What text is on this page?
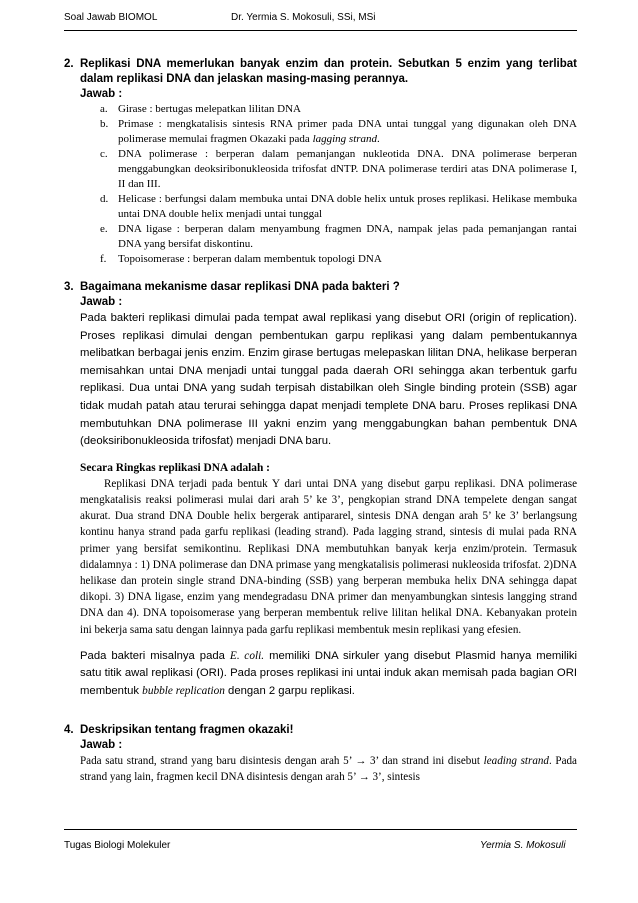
Soal Jawab BIOMOL	Dr. Yermia S. Mokosuli, SSi, MSi
2. Replikasi DNA memerlukan banyak enzim dan protein. Sebutkan 5 enzim yang terlibat dalam replikasi DNA dan jelaskan masing-masing perannya.
Jawab :
a. Girase : bertugas melepatkan lilitan DNA
b. Primase : mengkatalisis sintesis RNA primer pada DNA untai tunggal yang digunakan oleh DNA polimerase memulai fragmen Okazaki pada lagging strand.
c. DNA polimerase : berperan dalam pemanjangan nukleotida DNA. DNA polimerase berperan menggabungkan deoksiribonukleosida trifosfat dNTP. DNA polimerase terdiri atas DNA polimerase I, II dan III.
d. Helicase : berfungsi dalam membuka untai DNA doble helix untuk proses replikasi. Helikase membuka untai DNA double helix menjadi untai tunggal
e. DNA ligase : berperan dalam menyambung fragmen DNA, nampak jelas pada pemanjangan rantai DNA yang bersifat diskontinu.
f. Topoisomerase : berperan dalam membentuk topologi DNA
3. Bagaimana mekanisme dasar replikasi DNA pada bakteri ?
Jawab :
Pada bakteri replikasi dimulai pada tempat awal replikasi yang disebut ORI (origin of replication). Proses replikasi dimulai dengan pembentukan garpu replikasi yang dalam pembentukannya melibatkan berbagai jenis enzim. Enzim girase bertugas melepaskan lilitan DNA, helikase berperan memisahkan untai DNA menjadi untai tunggal pada daerah ORI sehingga akan terbentuk garfu replikasi. Dua untai DNA yang sudah terpisah distabilkan oleh Single binding protein (SSB) agar tidak mudah patah atau terurai sehingga dapat menjadi templete DNA baru. Proses replikasi DNA membutuhkan DNA polimerase III yakni enzim yang menggabungkan bahan pembentuk DNA (deoksiribonukleosida trifosfat) menjadi DNA baru.
Secara Ringkas replikasi DNA adalah :
Replikasi DNA terjadi pada bentuk Y dari untai DNA yang disebut garpu replikasi. DNA polimerase mengkatalisis reaksi polimerasi mulai dari arah 5’ ke 3’, pengkopian strand DNA tempelete dengan sangat akurat. Dua strand DNA Double helix bergerak antipararel, sintesis DNA dengan arah 5’ ke 3’ berlangsung kontinu hanya strand pada garfu replikasi (leading strand). Pada lagging strand, sintesis di mulai pada RNA primer yang bersifat semikontinu. Replikasi DNA membutuhkan banyak kerja enzim/protein. Termasuk didalamnya : 1) DNA polimerase dan DNA primase yang mengkatalisis polimerasi nukleosida trifosfat. 2)DNA helikase dan protein single strand DNA-binding (SSB) yang berperan membuka helix DNA sehingga dapat dikopi. 3) DNA ligase, enzim yang mendegradasu DNA primer dan menyambungkan sintesis langging strand DNA dan 4). DNA topoisomerase yang berperan membentuk relive lilitan helikal DNA. Kebanyakan protein ini bekerja sama satu dengan lainnya pada garfu replikasi membentuk mesin replikasi yang efesien.
Pada bakteri misalnya pada E. coli. memiliki DNA sirkuler yang disebut Plasmid hanya memiliki satu titik awal replikasi (ORI). Pada proses replikasi ini untai induk akan memisah pada bagian ORI membentuk bubble replication dengan 2 garpu replikasi.
4. Deskripsikan tentang fragmen okazaki!
Jawab :
Pada satu strand, strand yang baru disintesis dengan arah 5’ → 3’ dan strand ini disebut leading strand. Pada strand yang lain, fragmen kecil DNA disintesis dengan arah 5’ → 3’, sintesis
Tugas Biologi Molekuler	Yermia S. Mokosuli
